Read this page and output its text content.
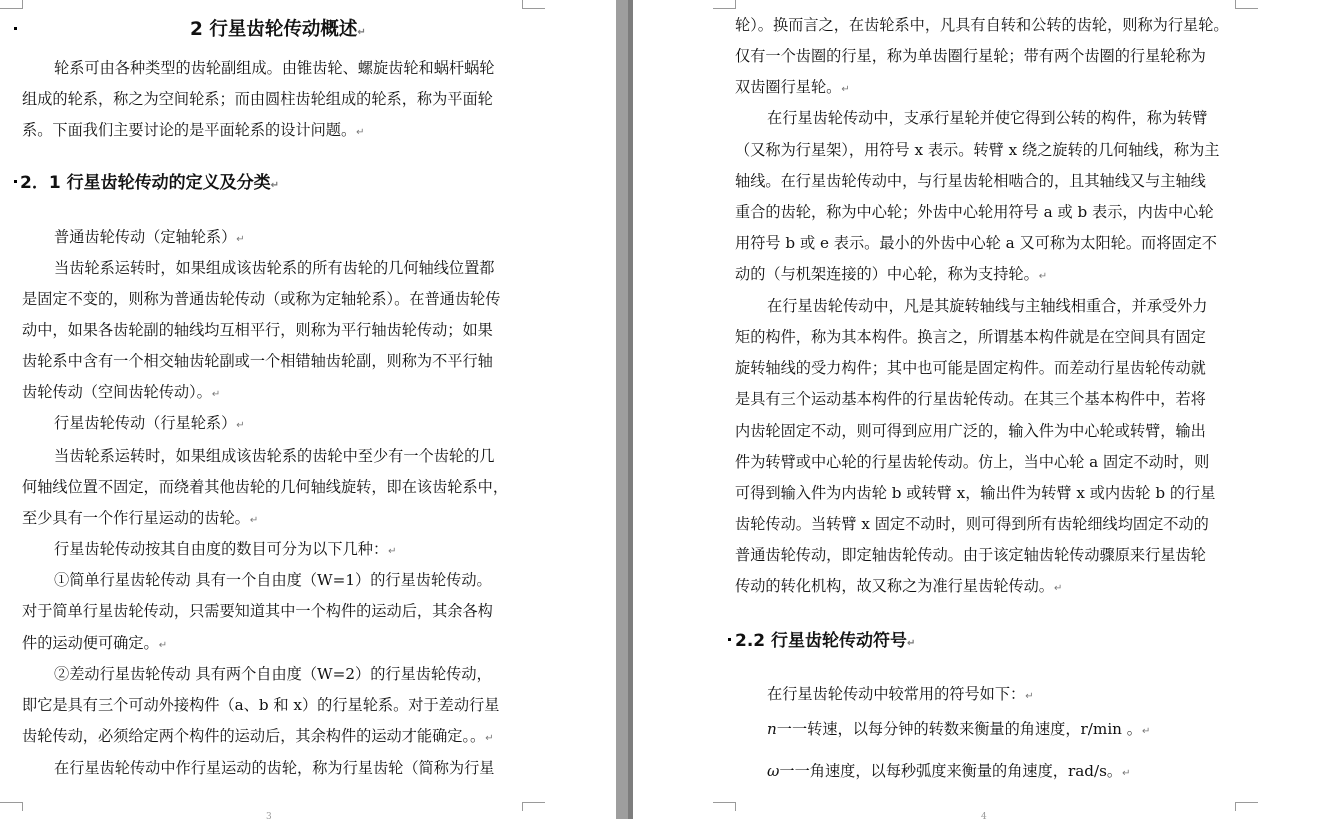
2 行星齿轮传动概述↵
轮系可由各种类型的齿轮副组成。由锥齿轮、螺旋齿轮和蜗杆蜗轮
组成的轮系，称之为空间轮系；而由圆柱齿轮组成的轮系，称为平面轮
系。下面我们主要讨论的是平面轮系的设计问题。↵
2．1 行星齿轮传动的定义及分类↵
普通齿轮传动（定轴轮系）↵
当齿轮系运转时，如果组成该齿轮系的所有齿轮的几何轴线位置都
是固定不变的，则称为普通齿轮传动（或称为定轴轮系）。在普通齿轮传
动中，如果各齿轮副的轴线均互相平行，则称为平行轴齿轮传动；如果
齿轮系中含有一个相交轴齿轮副或一个相错轴齿轮副，则称为不平行轴
齿轮传动（空间齿轮传动）。↵
行星齿轮传动（行星轮系）↵
当齿轮系运转时，如果组成该齿轮系的齿轮中至少有一个齿轮的几
何轴线位置不固定，而绕着其他齿轮的几何轴线旋转，即在该齿轮系中，
至少具有一个作行星运动的齿轮。↵
行星齿轮传动按其自由度的数目可分为以下几种：↵
①简单行星齿轮传动 具有一个自由度（W=1）的行星齿轮传动。
对于简单行星齿轮传动，只需要知道其中一个构件的运动后，其余各构
件的运动便可确定。↵
②差动行星齿轮传动 具有两个自由度（W=2）的行星齿轮传动，
即它是具有三个可动外接构件（a、b 和 x）的行星轮系。对于差动行星
齿轮传动，必须给定两个构件的运动后，其余构件的运动才能确定。。↵
在行星齿轮传动中作行星运动的齿轮，称为行星齿轮（简称为行星
3
轮）。换而言之，在齿轮系中，凡具有自转和公转的齿轮，则称为行星轮。
仅有一个齿圈的行星，称为单齿圈行星轮；带有两个齿圈的行星轮称为
双齿圈行星轮。↵
在行星齿轮传动中，支承行星轮并使它得到公转的构件，称为转臂
（又称为行星架），用符号 x 表示。转臂 x 绕之旋转的几何轴线，称为主
轴线。在行星齿轮传动中，与行星齿轮相啮合的，且其轴线又与主轴线
重合的齿轮，称为中心轮；外齿中心轮用符号 a 或 b 表示，内齿中心轮
用符号 b 或 e 表示。最小的外齿中心轮 a 又可称为太阳轮。而将固定不
动的（与机架连接的）中心轮，称为支持轮。↵
在行星齿轮传动中，凡是其旋转轴线与主轴线相重合，并承受外力
矩的构件，称为其本构件。换言之，所谓基本构件就是在空间具有固定
旋转轴线的受力构件；其中也可能是固定构件。而差动行星齿轮传动就
是具有三个运动基本构件的行星齿轮传动。在其三个基本构件中，若将
内齿轮固定不动，则可得到应用广泛的，输入件为中心轮或转臂，输出
件为转臂或中心轮的行星齿轮传动。仿上，当中心轮 a 固定不动时，则
可得到输入件为内齿轮 b 或转臂 x，输出件为转臂 x 或内齿轮 b 的行星
齿轮传动。当转臂 x 固定不动时，则可得到所有齿轮细线均固定不动的
普通齿轮传动，即定轴齿轮传动。由于该定轴齿轮传动骤原来行星齿轮
传动的转化机构，故又称之为准行星齿轮传动。↵
2.2 行星齿轮传动符号↵
在行星齿轮传动中较常用的符号如下：↵
n一一转速，以每分钟的转数来衡量的角速度，r/min 。↵
ω一一角速度，以每秒弧度来衡量的角速度，rad/s。↵
4
